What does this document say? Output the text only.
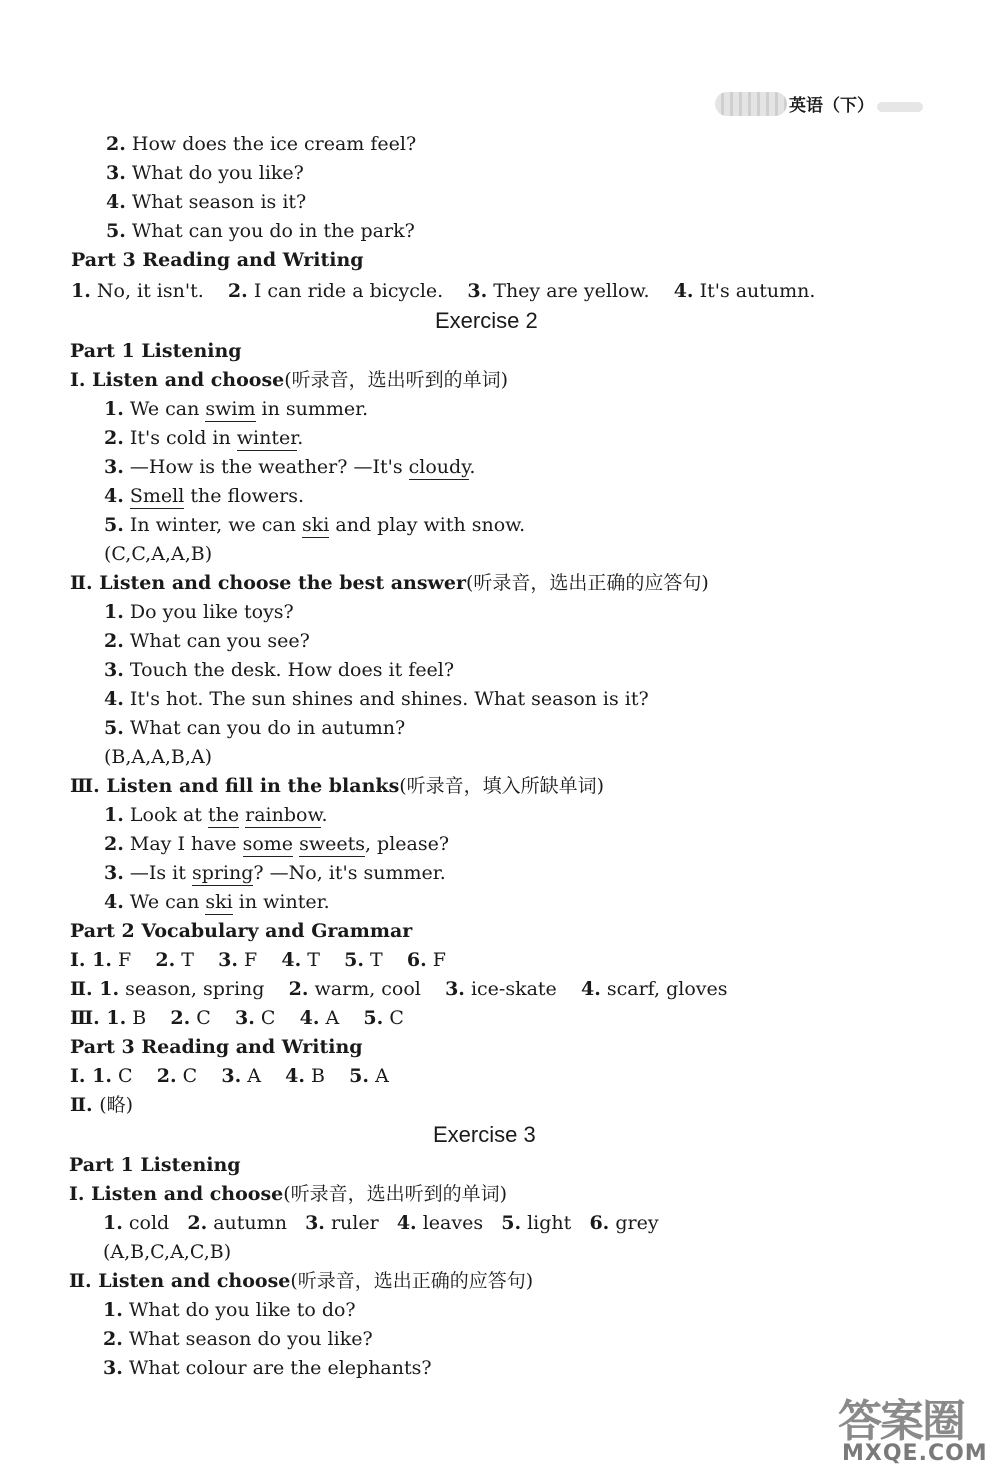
英语（下）
2. How does the ice cream feel?
3. What do you like?
4. What season is it?
5. What can you do in the park?
Part 3 Reading and Writing
1. No, it isn't. 2. I can ride a bicycle. 3. They are yellow. 4. It's autumn.
Exercise 2
Part 1 Listening
Ⅰ. Listen and choose(听录音，选出听到的单词)
1. We can swim in summer.
2. It's cold in winter.
3. —How is the weather? —It's cloudy.
4. Smell the flowers.
5. In winter, we can ski and play with snow.
(C,C,A,A,B)
Ⅱ. Listen and choose the best answer(听录音，选出正确的应答句)
1. Do you like toys?
2. What can you see?
3. Touch the desk. How does it feel?
4. It's hot. The sun shines and shines. What season is it?
5. What can you do in autumn?
(B,A,A,B,A)
Ⅲ. Listen and fill in the blanks(听录音，填入所缺单词)
1. Look at the rainbow.
2. May I have some sweets, please?
3. —Is it spring? —No, it's summer.
4. We can ski in winter.
Part 2 Vocabulary and Grammar
Ⅰ. 1. F 2. T 3. F 4. T 5. T 6. F
Ⅱ. 1. season, spring 2. warm, cool 3. ice-skate 4. scarf, gloves
Ⅲ. 1. B 2. C 3. C 4. A 5. C
Part 3 Reading and Writing
Ⅰ. 1. C 2. C 3. A 4. B 5. A
Ⅱ. (略)
Exercise 3
Part 1 Listening
Ⅰ. Listen and choose(听录音，选出听到的单词)
1. cold 2. autumn 3. ruler 4. leaves 5. light 6. grey
(A,B,C,A,C,B)
Ⅱ. Listen and choose(听录音，选出正确的应答句)
1. What do you like to do?
2. What season do you like?
3. What colour are the elephants?
答案圈
MXQE.COM
